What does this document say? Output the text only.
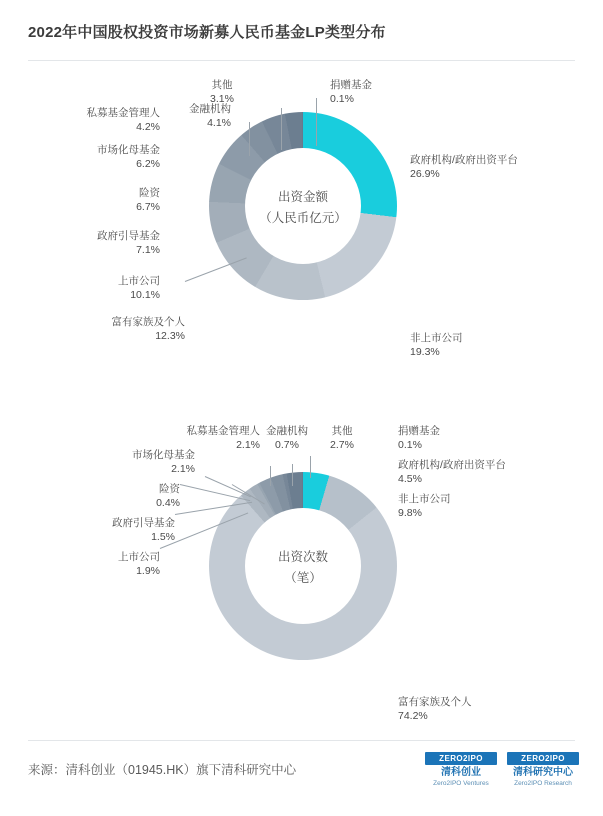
2022年中国股权投资市场新募人民币基金LP类型分布
出资金额
（人民币亿元）
其他
3.1%
捐赠基金
0.1%
金融机构
4.1%
私募基金管理人
4.2%
市场化母基金
6.2%
险资
6.7%
政府引导基金
7.1%
上市公司
10.1%
富有家族及个人
12.3%
政府机构/政府出资平台
26.9%
非上市公司
19.3%
出资次数
（笔）
私募基金管理人
2.1%
金融机构
0.7%
其他
2.7%
捐赠基金
0.1%
政府机构/政府出资平台
4.5%
非上市公司
9.8%
市场化母基金
2.1%
险资
0.4%
政府引导基金
1.5%
上市公司
1.9%
富有家族及个人
74.2%
来源：清科创业（01945.HK）旗下清科研究中心
ZERO2IPO
清科创业
Zero2IPO Ventures
ZERO2IPO
清科研究中心
Zero2IPO Research
